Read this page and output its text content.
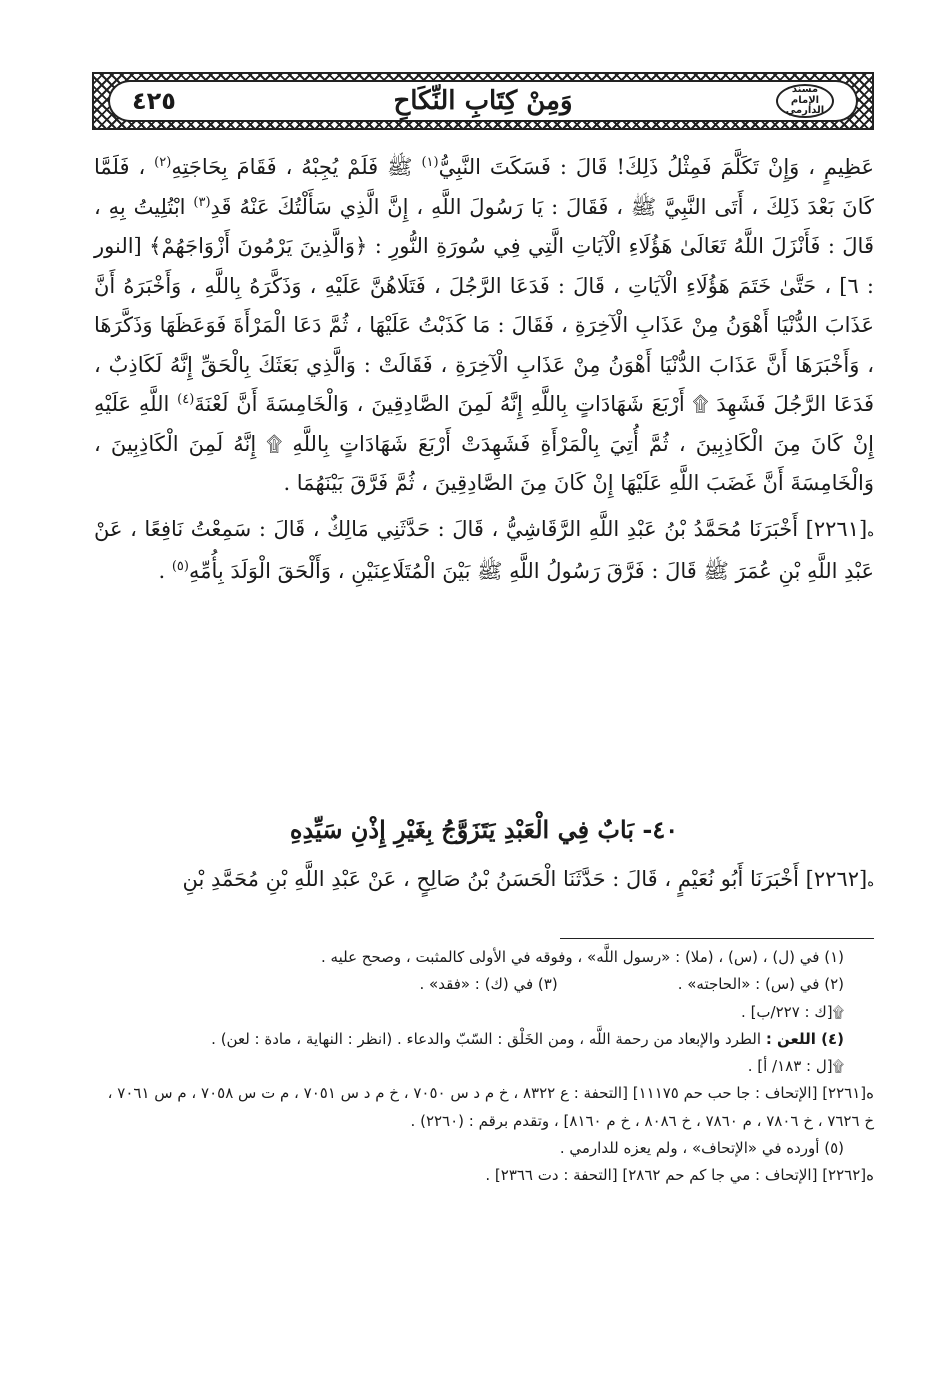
مسند الإمام الدارمي
وَمِنْ كِتَابِ النِّكَاحِ
٤٢٥

عَظِيمٍ ، وَإِنْ تَكَلَّمَ فَمِثْلُ ذَلِكَ! قَالَ : فَسَكَتَ النَّبِيُّ$^{(١)}$ ﷺ فَلَمْ يُجِبْهُ ، فَقَامَ بِحَاجَتِهِ$^{(٢)}$ ، فَلَمَّا كَانَ بَعْدَ ذَلِكَ ، أَتَى النَّبِيَّ ﷺ ، فَقَالَ : يَا رَسُولَ اللَّهِ ، إِنَّ الَّذِي سَأَلْتُكَ عَنْهُ قَدِ$^{(٣)}$ ابْتُلِيتُ بِهِ ، قَالَ : فَأَنْزَلَ اللَّهُ تَعَالَىٰ هَؤُلَاءِ الْآيَاتِ الَّتِي فِي سُورَةِ النُّورِ : ﴿وَالَّذِينَ يَرْمُونَ أَزْوَاجَهُمْ﴾ [النور : ٦] ، حَتَّىٰ خَتَمَ هَؤُلَاءِ الْآيَاتِ ، قَالَ : فَدَعَا الرَّجُلَ ، فَتَلَاهُنَّ عَلَيْهِ ، وَذَكَّرَهُ بِاللَّهِ ، وَأَخْبَرَهُ أَنَّ عَذَابَ الدُّنْيَا أَهْوَنُ مِنْ عَذَابِ الْآخِرَةِ ، فَقَالَ : مَا كَذَبْتُ عَلَيْهَا ، ثُمَّ دَعَا الْمَرْأَةَ فَوَعَظَهَا وَذَكَّرَهَا ، وَأَخْبَرَهَا أَنَّ عَذَابَ الدُّنْيَا أَهْوَنُ مِنْ عَذَابِ الْآخِرَةِ ، فَقَالَتْ : وَالَّذِي بَعَثَكَ بِالْحَقِّ إِنَّهُ لَكَاذِبٌ ، فَدَعَا الرَّجُلَ فَشَهِدَ ۩ أَرْبَعَ شَهَادَاتٍ بِاللَّهِ إِنَّهُ لَمِنَ الصَّادِقِينَ ، وَالْخَامِسَةَ أَنَّ لَعْنَةَ$^{(٤)}$ اللَّهِ عَلَيْهِ إِنْ كَانَ مِنَ الْكَاذِبِينَ ، ثُمَّ أُتِيَ بِالْمَرْأَةِ فَشَهِدَتْ أَرْبَعَ شَهَادَاتٍ بِاللَّهِ ۩ إِنَّهُ لَمِنَ الْكَاذِبِينَ ، وَالْخَامِسَةَ أَنَّ غَضَبَ اللَّهِ عَلَيْهَا إِنْ كَانَ مِنَ الصَّادِقِينَ ، ثُمَّ فَرَّقَ بَيْنَهُمَا .

ه[٢٢٦١] أَخْبَرَنَا مُحَمَّدُ بْنُ عَبْدِ اللَّهِ الرَّقَاشِيُّ ، قَالَ : حَدَّثَنِي مَالِكٌ ، قَالَ : سَمِعْتُ نَافِعًا ، عَنْ عَبْدِ اللَّهِ بْنِ عُمَرَ ﷺ قَالَ : فَرَّقَ رَسُولُ اللَّهِ ﷺ بَيْنَ الْمُتَلَاعِنَيْنِ ، وَأَلْحَقَ الْوَلَدَ بِأُمِّهِ$^{(٥)}$ .

٤٠- بَابٌ فِي الْعَبْدِ يَتَزَوَّجُ بِغَيْرِ إِذْنِ سَيِّدِهِ
ه[٢٢٦٢] أَخْبَرَنَا أَبُو نُعَيْمٍ ، قَالَ : حَدَّثَنَا الْحَسَنُ بْنُ صَالِحٍ ، عَنْ عَبْدِ اللَّهِ بْنِ مُحَمَّدِ بْنِ

(١) في (ل) ، (س) ، (ملا) : «رسول اللَّه» ، وفوقه في الأولى كالمثبت ، وصحح عليه .

(٢) في (س) : «الحاجته» .
(٣) في (ك) : «فقد» .

۩[ك : ٢٢٧/ب] .

(٤) اللعن : الطرد والإبعاد من رحمة اللَّه ، ومن الخَلْق : السّبّ والدعاء . (انظر : النهاية ، مادة : لعن) .

۩[ل : ١٨٣/ أ] .

ه[٢٢٦١] [الإتحاف : جا حب حم ١١١٧٥] [التحفة : ع ٨٣٢٢ ، خ م د س ٧٠٥٠ ، خ م د س ٧٠٥١ ، م ت س ٧٠٥٨ ، م س ٧٠٦١ ، خ ٧٦٢٦ ، خ ٧٨٠٦ ، م ٧٨٦٠ ، خ ٨٠٨٦ ، خ م ٨١٦٠] ، وتقدم برقم : (٢٢٦٠) .

(٥) أورده في «الإتحاف» ، ولم يعزه للدارمي .

ه[٢٢٦٢] [الإتحاف : مي جا كم حم ٢٨٦٢] [التحفة : دت ٢٣٦٦] .
